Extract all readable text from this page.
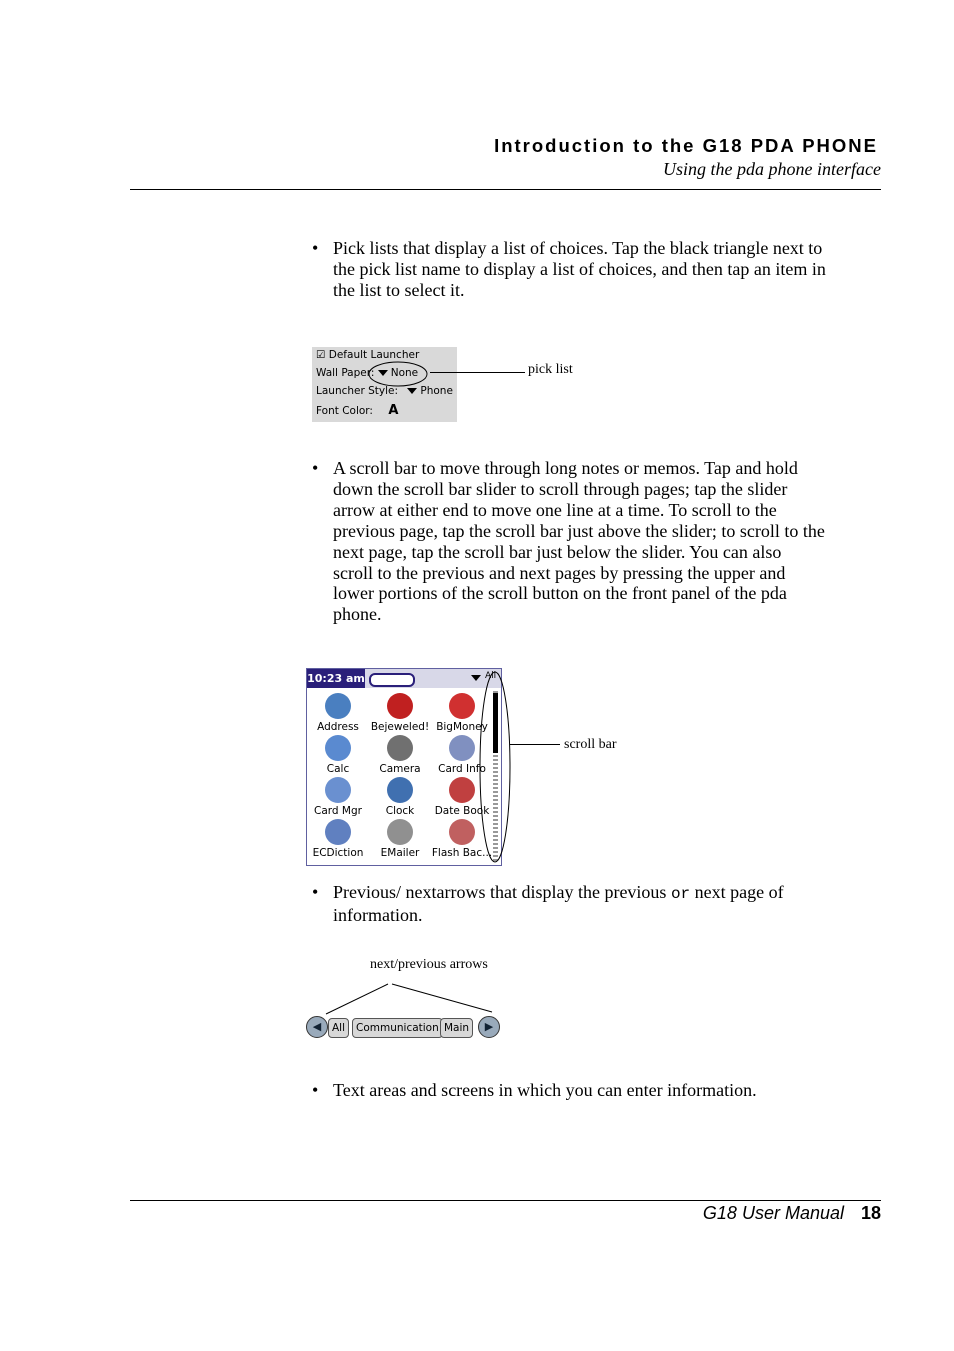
Introduction to the G18 PDA PHONE
Using the pda phone interface
• Pick lists that display a list of choices. Tap the black triangle next to
the pick list name to display a list of choices, and then tap an item in
the list to select it.
☑ Default Launcher
Wall Paper: None
Launcher Style: Phone
Font Color: A
pick list
• A scroll bar to move through long notes or memos. Tap and hold
down the scroll bar slider to scroll through pages; tap the slider
arrow at either end to move one line at a time. To scroll to the
previous page, tap the scroll bar just above the slider; to scroll to the
next page, tap the scroll bar just below the slider. You can also
scroll to the previous and next pages by pressing the upper and
lower portions of the scroll button on the front panel of the pda
phone.
10:23 am	All
Address	Bejeweled! BigMoney
Calc	Camera	Card Info
Card Mgr	Clock	Date Book
ECDiction	EMailer	Flash Bac...
scroll bar
• Previous/ nextarrows that display the previous or next page of
information.
next/previous arrows
◀	All	Communication Main	▶
• Text areas and screens in which you can enter information.
G18 User Manual 18
